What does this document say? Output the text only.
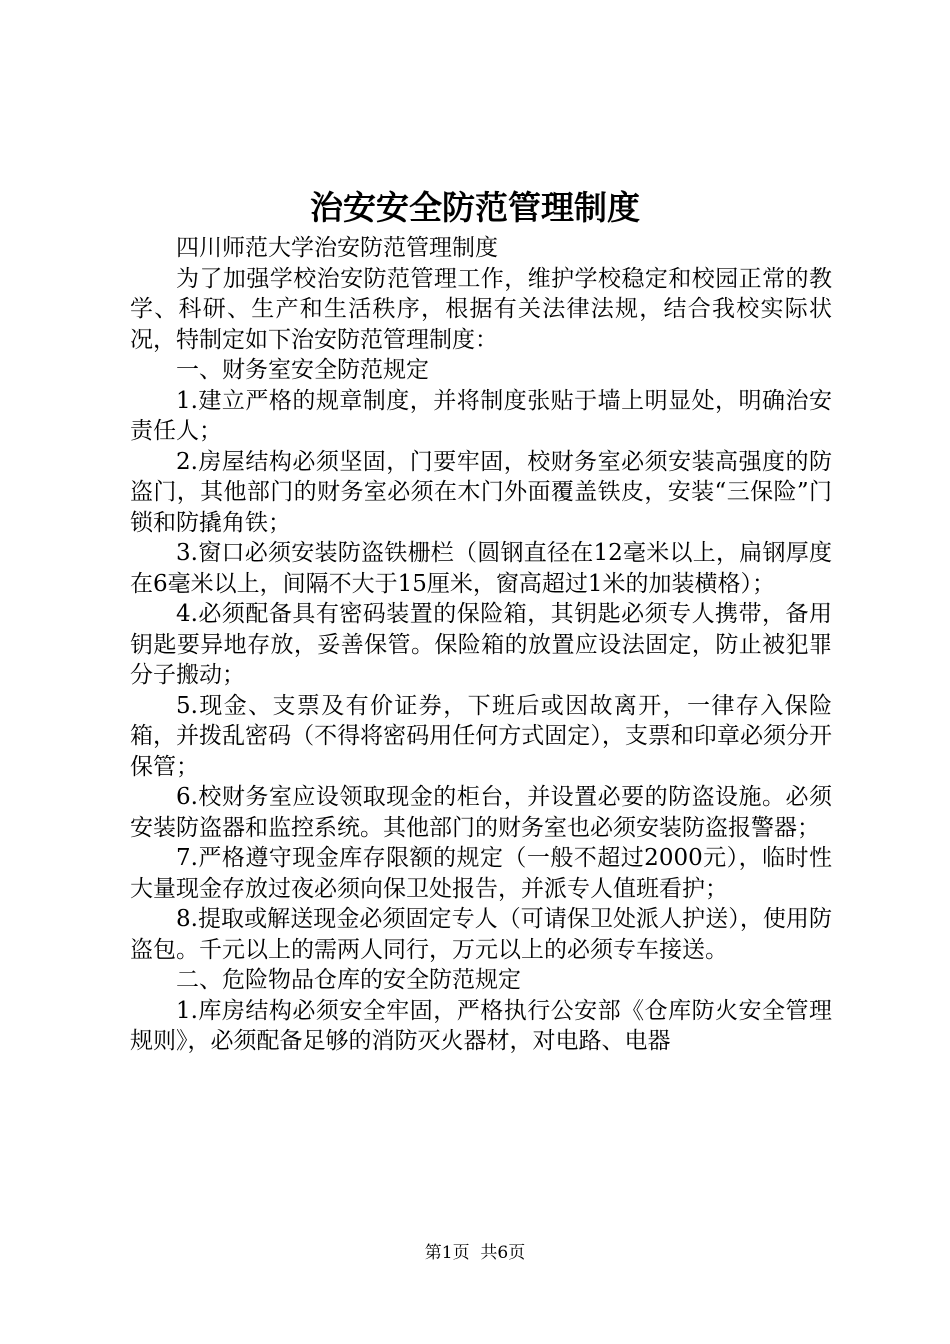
治安安全防范管理制度

四川师范大学治安防范管理制度

为了加强学校治安防范管理工作，维护学校稳定和校园正常的教学、科研、生产和生活秩序，根据有关法律法规，结合我校实际状况，特制定如下治安防范管理制度：

一、财务室安全防范规定

1.建立严格的规章制度，并将制度张贴于墙上明显处，明确治安责任人；

2.房屋结构必须坚固，门要牢固，校财务室必须安装高强度的防盗门，其他部门的财务室必须在木门外面覆盖铁皮，安装“三保险”门锁和防撬角铁；

3.窗口必须安装防盗铁栅栏（圆钢直径在12毫米以上，扁钢厚度在6毫米以上，间隔不大于15厘米，窗高超过1米的加装横格）；

4.必须配备具有密码装置的保险箱，其钥匙必须专人携带，备用钥匙要异地存放，妥善保管。保险箱的放置应设法固定，防止被犯罪分子搬动；

5.现金、支票及有价证券，下班后或因故离开，一律存入保险箱，并拨乱密码（不得将密码用任何方式固定），支票和印章必须分开保管；

6.校财务室应设领取现金的柜台，并设置必要的防盗设施。必须安装防盗器和监控系统。其他部门的财务室也必须安装防盗报警器；

7.严格遵守现金库存限额的规定（一般不超过2000元），临时性大量现金存放过夜必须向保卫处报告，并派专人值班看护；

8.提取或解送现金必须固定专人（可请保卫处派人护送），使用防盗包。千元以上的需两人同行，万元以上的必须专车接送。

二、危险物品仓库的安全防范规定

1.库房结构必须安全牢固，严格执行公安部《仓库防火安全管理规则》，必须配备足够的消防灭火器材，对电路、电器

第1页 共6页
